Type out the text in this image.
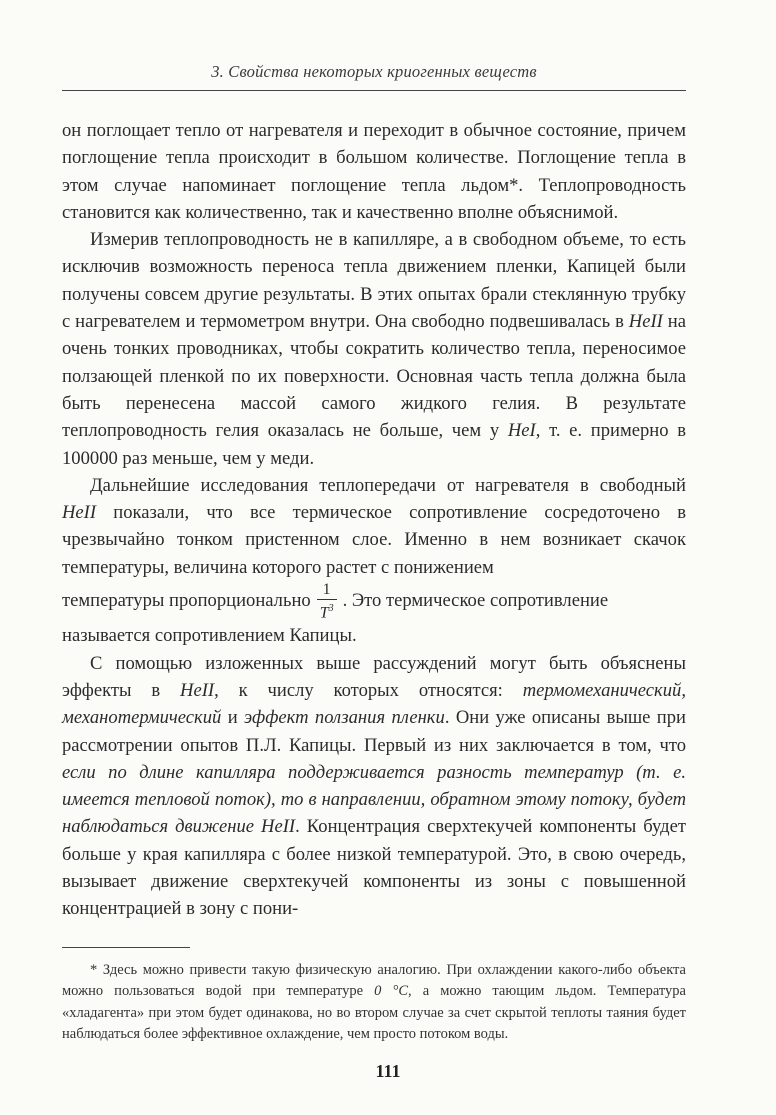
3. Свойства некоторых криогенных веществ

он поглощает тепло от нагревателя и переходит в обычное состояние, причем поглощение тепла происходит в большом количестве. Поглощение тепла в этом случае напоминает поглощение тепла льдом*. Теплопроводность становится как количественно, так и качественно вполне объяснимой.

Измерив теплопроводность не в капилляре, а в свободном объеме, то есть исключив возможность переноса тепла движением пленки, Капицей были получены совсем другие результаты. В этих опытах брали стеклянную трубку с нагревателем и термометром внутри. Она свободно подвешивалась в HeII на очень тонких проводниках, чтобы сократить количество тепла, переносимое ползающей пленкой по их поверхности. Основная часть тепла должна была быть перенесена массой самого жидкого гелия. В результате теплопроводность гелия оказалась не больше, чем у HeI, т. е. примерно в 100000 раз меньше, чем у меди.

Дальнейшие исследования теплопередачи от нагревателя в свободный HeII показали, что все термическое сопротивление сосредоточено в чрезвычайно тонком пристенном слое. Именно в нем возникает скачок температуры, величина которого растет с понижением

температуры пропорционально $\frac{1}{T^3}$ . Это термическое сопротивление

называется сопротивлением Капицы.

С помощью изложенных выше рассуждений могут быть объяснены эффекты в HeII, к числу которых относятся: термомеханический, механотермический и эффект ползания пленки. Они уже описаны выше при рассмотрении опытов П.Л. Капицы. Первый из них заключается в том, что если по длине капилляра поддерживается разность температур (т. е. имеется тепловой поток), то в направлении, обратном этому потоку, будет наблюдаться движение HeII. Концентрация сверхтекучей компоненты будет больше у края капилляра с более низкой температурой. Это, в свою очередь, вызывает движение сверхтекучей компоненты из зоны с повышенной концентрацией в зону с пони-

* Здесь можно привести такую физическую аналогию. При охлаждении какого-либо объекта можно пользоваться водой при температуре 0 °C, а можно тающим льдом. Температура «хладагента» при этом будет одинакова, но во втором случае за счет скрытой теплоты таяния будет наблюдаться более эффективное охлаждение, чем просто потоком воды.

111
